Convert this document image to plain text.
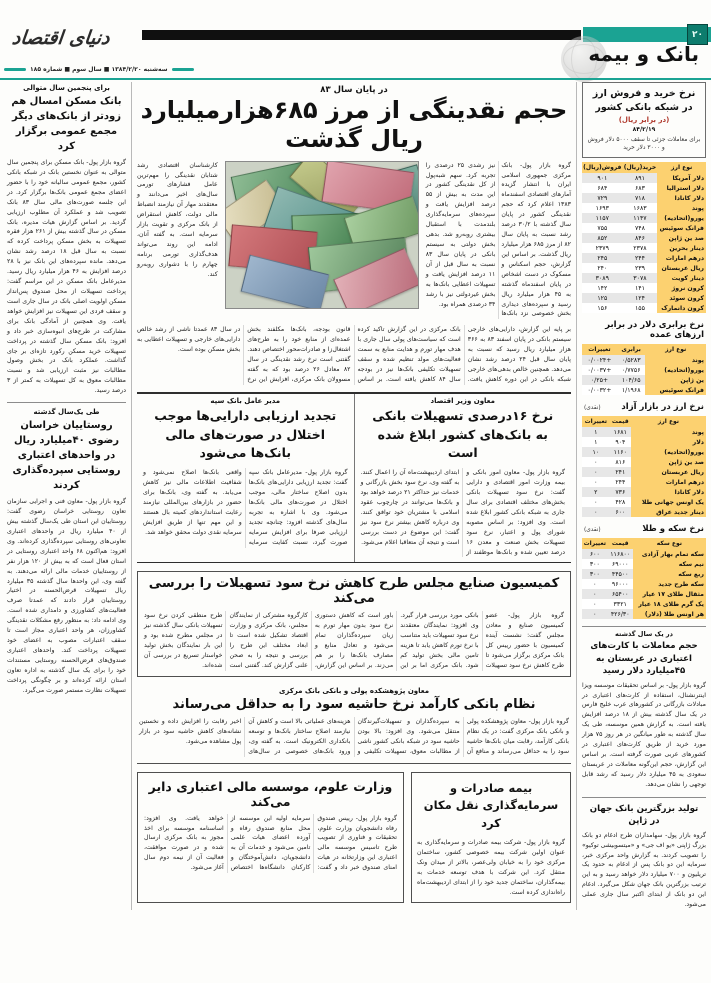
۲۰
بانک و بیمه
دنیای اقتصاد
سه‌شنبه ۱۳۸۴/۲/۲۰ ■ سال سوم ■ شماره ۱۸۵
نرخ خرید و فروش ارز در شبکه بانکی کشور
(در برابر ریال)
۸۴/۲/۱۹
برای معاملات جزئی تا سقف ۵۰۰۰ دلار فروش و ۳۰۰۰ دلار خرید
نوع ارز	خرید(ریال)	فروش(ریال)
دلار آمریکا	۸۹۱	۹۰۱
دلار استرالیا	۶۸۳	۶۸۴
دلار کانادا	۷۱۸	۷۲۹
پوند	۱۶۸۳	۱۶۹۳
یورو(اتحادیه)	۱۱۴۷	۱۱۵۷
فرانک سوئیس	۷۴۸	۷۵۵
صد ین ژاپن	۸۴۶	۸۵۲
دینار بحرین	۲۳۷۸	۲۳۷۹
درهم امارات	۲۴۴	۲۴۵
ریال عربستان	۲۳۹	۲۴۰
دینار کویت	۳۰۷۸	۳۰۸۹
کرون نروژ	۱۴۱	۱۴۲
کرون سوئد	۱۲۴	۱۲۵
کرون دانمارک	۱۵۵	۱۵۶
نرخ برابری دلار در برابر ارزهای عمده
نوع ارز	برابری	تغییرات
پوند	۰/۵۲۸۳	+۰/۰۰۲۴
یورو(اتحادیه)	۰/۷۷۵۶	+۰/۰۰۳۷
ین ژاپن	۱۰۴/۶۵	+۰/۲۵
فرانک سوئیس	۱/۱۹۶۸	+۰/۰۰۳۲
نرخ ارز در بازار آزاد
(نقدی)
نوع ارز	قیمت	تغییرات
پوند	۱۶۸۱	۱
دلار	۹۰۴	۱
یورو(اتحادیه)	۱۱۶۰	۱۰
صد ین ژاپن	۸۱۶	۰
ریال عربستان	۲۴۱	۰
درهم امارات	۲۴۴	۰
دلار کانادا	۷۳۶	۲
یک اونس جهانی طلا	۴۲۸	۰
دینار جدید عراق	۶۰۰	۰
نرخ سکه و طلا
(نقدی)
نوع سکه	قیمت	تغییرات
سکه تمام بهار آزادی	۱۱۶۸۰۰	۶۰۰
نیم سکه	۶۹۰۰۰	۳۰۰
ربع سکه	۴۴۵۰۰	۳۰۰
سکه طرح جدید	۹۶۰۰۰	۰
مثقال طلای ۱۷ عیار	۶۵۴۰۰	۰
یک گرم طلای ۱۸ عیار	۳۳۲۱	۰
هر اونس طلا (دلار)	۴۲۶/۳۰	۰
در یک سال گذشته
حجم معاملات با کارت‌های اعتباری در عربستان به ۴۵میلیارد دلار رسید
گروه بازار پول- بر اساس تحقیقات موسسه ویزا اینترنشنال، استفاده از کارت‌های اعتباری در مبادلات بازرگانی در کشورهای عرب خلیج فارس در یک سال گذشته بیش از ۱۸ درصد افزایش یافته است. به گزارش همین موسسه، طی یک سال گذشته به طور میانگین در هر روز ۷۵ هزار مورد خرید از طریق کارت‌های اعتباری در کشورهای عربی صورت گرفته است. بر اساس این گزارش، حجم این‌گونه معاملات در عربستان سعودی به ۴۵ میلیارد دلار رسید که رشد قابل توجهی را نشان می‌دهد.
تولید بزرگترین بانک جهان در ژاپن
گروه بازار پول- سهامداران طرح ادغام دو بانک بزرگ ژاپنی «یو اف جی» و «میتسوبیشی توکیو» را تصویب کردند. به گزارش واحد مرکزی خبر، سرمایه این دو بانک پس از ادغام به حدود یک تریلیون و ۷۰۰ میلیارد دلار خواهد رسید و به این ترتیب بزرگترین بانک جهان شکل می‌گیرد. ادغام این دو بانک از ابتدای اکتبر سال جاری عملی می‌شود.
در پایان سال ۸۳
حجم نقدینگی از مرز ۶۸۵هزارمیلیارد ریال گذشت
گروه بازار پول- بانک مرکزی جمهوری اسلامی ایران با انتشار گزیده آمارهای اقتصادی اسفندماه ۱۳۸۳ اعلام کرد که حجم نقدینگی کشور در پایان سال گذشته با ۳۰/۲ درصد رشد نسبت به پایان سال ۸۲ از مرز ۶۸۵ هزار میلیارد ریال گذشت. بر اساس این گزارش، حجم اسکناس و مسکوک در دست اشخاص در پایان اسفندماه گذشته به ۴۵ هزار میلیارد ریال رسید و سپرده‌های دیداری بخش خصوصی نزد بانک‌ها نیز رشدی ۲۵ درصدی را تجربه کرد. سهم شبه‌پول از کل نقدینگی کشور در این مدت به بیش از ۵۵ درصد افزایش یافت و سپرده‌های سرمایه‌گذاری بلندمدت با استقبال بیشتری روبه‌رو شد. بدهی بخش دولتی به سیستم بانکی در پایان سال ۸۳ نسبت به سال قبل از آن ۱۱ درصد افزایش یافت و تسهیلات اعطایی بانک‌ها به بخش غیردولتی نیز با رشد ۳۴ درصدی همراه بود.
کارشناسان اقتصادی رشد شتابان نقدینگی را مهم‌ترین عامل فشارهای تورمی سال‌های اخیر می‌دانند و معتقدند مهار آن نیازمند انضباط مالی دولت، کاهش استقراض از بانک مرکزی و تقویت بازار سرمایه است. به گفته آنان، ادامه این روند می‌تواند هدف‌گذاری تورمی برنامه چهارم را با دشواری روبه‌رو کند.
بر پایه این گزارش، دارایی‌های خارجی سیستم بانکی در پایان اسفند ۸۳ به ۳۶۶ هزار میلیارد ریال رسید که نسبت به پایان سال قبل ۲۴ درصد رشد نشان می‌دهد. همچنین خالص بدهی‌های خارجی شبکه بانکی در این دوره کاهش یافت. بانک مرکزی در این گزارش تاکید کرده است که سیاست‌های پولی سال جاری با هدف مهار تورم و هدایت منابع به سمت فعالیت‌های مولد تنظیم شده و سقف تسهیلات تکلیفی بانک‌ها نیز در بودجه سال ۸۴ کاهش یافته است. بر اساس قانون بودجه، بانک‌ها مکلفند بخش عمده‌ای از منابع خود را به طرح‌های اشتغال‌زا و صادرات‌محور اختصاص دهند. گفتنی است نرخ رشد نقدینگی در سال ۸۲ معادل ۲۶ درصد بود که به گفته مسوولان بانک مرکزی، افزایش این نرخ در سال ۸۳ عمدتا ناشی از رشد خالص دارایی‌های خارجی و تسهیلات اعطایی به بخش مسکن بوده است.
معاون وزیر اقتصاد
نرخ ۱۶درصدی تسهیلات بانکی به بانک‌های کشور ابلاغ شده است
گروه بازار پول- معاون امور بانکی و بیمه وزارت امور اقتصادی و دارایی گفت: نرخ سود تسهیلات بانکی بخش‌های مختلف اقتصادی برای سال جاری به شبکه بانکی کشور ابلاغ شده است. وی افزود: بر اساس مصوبه شورای پول و اعتبار، نرخ سود تسهیلات بخش صنعت و معدن ۱۶ درصد تعیین شده و بانک‌ها موظفند از ابتدای اردیبهشت‌ماه آن را اعمال کنند. به گفته وی، نرخ سود بخش بازرگانی و خدمات نیز حداکثر ۲۱ درصد خواهد بود و بانک‌ها می‌توانند در چارچوب عقود اسلامی با مشتریان خود توافق کنند. وی درباره کاهش بیشتر نرخ سود نیز گفت: این موضوع در دست بررسی است و نتیجه آن متعاقبا اعلام می‌شود.
مدیر عامل بانک سپه
تجدید ارزیابی دارایی‌ها موجب اختلال در صورت‌های مالی بانک‌ها می‌شود
گروه بازار پول- مدیرعامل بانک سپه گفت: تجدید ارزیابی دارایی‌های بانک‌ها بدون اصلاح ساختار مالی، موجب اختلال در صورت‌های مالی بانک‌ها می‌شود. وی با اشاره به تجربه سال‌های گذشته افزود: چنانچه تجدید ارزیابی صرفا برای افزایش سرمایه صورت گیرد، نسبت کفایت سرمایه واقعی بانک‌ها اصلاح نمی‌شود و شفافیت اطلاعات مالی نیز کاهش می‌یابد. به گفته وی، بانک‌ها برای حضور در بازارهای بین‌المللی نیازمند رعایت استانداردهای کمیته بال هستند و این مهم تنها از طریق افزایش سرمایه نقدی دولت محقق خواهد شد.
کمیسیون صنایع مجلس طرح کاهش نرخ سود تسهیلات را بررسی می‌کند
گروه بازار پول- عضو کمیسیون صنایع و معادن مجلس گفت: نشست آینده کمیسیون با حضور رییس کل بانک مرکزی برگزار می‌شود تا طرح کاهش نرخ سود تسهیلات بانکی مورد بررسی قرار گیرد. وی افزود: نمایندگان معتقدند نرخ سود تسهیلات باید متناسب با نرخ تورم کاهش یابد تا هزینه تامین مالی بخش تولید کم شود. بانک مرکزی اما بر این باور است که کاهش دستوری نرخ سود بدون مهار تورم به زیان سپرده‌گذاران تمام می‌شود و تعادل منابع و مصارف بانک‌ها را بر هم می‌زند. بر اساس این گزارش، کارگروه مشترکی از نمایندگان مجلس، بانک مرکزی و وزارت اقتصاد تشکیل شده است تا ابعاد مختلف این طرح را بررسی و نتیجه را به صحن علنی گزارش کند. گفتنی است طرح منطقی کردن نرخ سود تسهیلات بانکی سال گذشته نیز در مجلس مطرح شده بود و این بار نمایندگان بخش تولید خواستار تسریع در بررسی آن شده‌اند.
معاون پژوهشکده پولی و بانکی بانک مرکزی
نظام بانکی کارآمد نرخ حاشیه سود را به حداقل می‌رساند
گروه بازار پول- معاون پژوهشکده پولی و بانکی بانک مرکزی گفت: در یک نظام بانکی کارآمد، رقابت میان بانک‌ها حاشیه سود را به حداقل می‌رساند و منافع آن به سپرده‌گذاران و تسهیلات‌گیرندگان منتقل می‌شود. وی افزود: بالا بودن حاشیه سود در شبکه بانکی کشور ناشی از مطالبات معوق، تسهیلات تکلیفی و هزینه‌های عملیاتی بالا است و کاهش آن نیازمند اصلاح ساختار بانک‌ها و توسعه بانکداری الکترونیک است. به گفته وی، ورود بانک‌های خصوصی در سال‌های اخیر رقابت را افزایش داده و نخستین نشانه‌های کاهش حاشیه سود در بازار پول مشاهده می‌شود.
بیمه صادرات و سرمایه‌گذاری نقل مکان کرد
گروه بازار پول- شرکت بیمه صادرات و سرمایه‌گذاری به عنوان اولین شرکت بیمه خصوصی کشور، ساختمان مرکزی خود را به خیابان ولی‌عصر، بالاتر از میدان ونک منتقل کرد. این شرکت با هدف توسعه خدمات به بیمه‌گذاران، ساختمان جدید خود را از ابتدای اردیبهشت‌ماه راه‌اندازی کرده است.
وزارت علوم، موسسه مالی اعتباری دایر می‌کند
گروه بازار پول- رییس صندوق رفاه دانشجویان وزارت علوم، تحقیقات و فناوری از تصویب طرح تاسیس موسسه مالی اعتباری این وزارتخانه در هیات امنای صندوق خبر داد و گفت: سرمایه اولیه این موسسه از محل منابع صندوق رفاه و آورده اعضای هیات علمی تامین می‌شود و خدمات آن به دانشجویان، دانش‌آموختگان و کارکنان دانشگاه‌ها اختصاص خواهد یافت. وی افزود: اساسنامه موسسه برای اخذ مجوز به بانک مرکزی ارسال شده و در صورت موافقت، فعالیت آن از نیمه دوم سال آغاز می‌شود.
برای پنجمین سال متوالی
بانک مسکن امسال هم زودتر از بانک‌های دیگر مجمع عمومی برگزار کرد
گروه بازار پول- بانک مسکن برای پنجمین سال متوالی به عنوان نخستین بانک در شبکه بانکی کشور، مجمع عمومی سالیانه خود را با حضور اعضای مجمع عمومی بانک‌ها برگزار کرد. در این جلسه صورت‌های مالی سال ۸۳ بانک تصویب شد و عملکرد آن مطلوب ارزیابی گردید. بر اساس گزارش هیات مدیره، بانک مسکن در سال گذشته بیش از ۲۶۱ هزار فقره تسهیلات به بخش مسکن پرداخت کرده که نسبت به سال قبل ۱۸ درصد رشد نشان می‌دهد. مانده سپرده‌های این بانک نیز با ۲۸ درصد افزایش به ۴۶ هزار میلیارد ریال رسید. مدیرعامل بانک مسکن در این مراسم گفت: پرداخت تسهیلات از محل صندوق پس‌انداز مسکن اولویت اصلی بانک در سال جاری است و سقف فردی این تسهیلات نیز افزایش خواهد یافت. وی همچنین از آمادگی بانک برای مشارکت در طرح‌های انبوه‌سازی خبر داد و افزود: بانک مسکن سال گذشته در پرداخت تسهیلات خرید مسکن رکورد تازه‌ای بر جای گذاشت. عملکرد بانک در بخش وصول مطالبات نیز مثبت ارزیابی شد و نسبت مطالبات معوق به کل تسهیلات به کمتر از ۳ درصد رسید.
طی یک‌سال گذشته
روستاییان خراسان رضوی ۴۰میلیارد ریال در واحدهای اعتباری روستایی سپرده‌گذاری کردند
گروه بازار پول- معاون فنی و اجرایی سازمان تعاون روستایی خراسان رضوی گفت: روستاییان این استان طی یک‌سال گذشته بیش از ۴۰ میلیارد ریال در واحدهای اعتباری تعاونی‌های روستایی سپرده‌گذاری کرده‌اند. وی افزود: هم‌اکنون ۶۸ واحد اعتباری روستایی در استان فعال است که به بیش از ۱۲۰ هزار نفر از روستاییان خدمات مالی ارائه می‌دهند. به گفته وی، این واحدها سال گذشته ۳۵ میلیارد ریال تسهیلات قرض‌الحسنه در اختیار روستاییان قرار دادند که عمدتا صرف فعالیت‌های کشاورزی و دامداری شده است. وی ادامه داد: به منظور رفع مشکلات نقدینگی کشاورزان، هر واحد اعتباری مجاز است تا سقف اعتبارات مصوب به اعضای خود تسهیلات پرداخت کند. واحدهای اعتباری صندوق‌های قرض‌الحسنه روستایی مستندات خود را برای یک سال گذشته به اداره تعاون استان ارائه کرده‌اند و بر چگونگی پرداخت تسهیلات نظارت مستمر صورت می‌گیرد.
